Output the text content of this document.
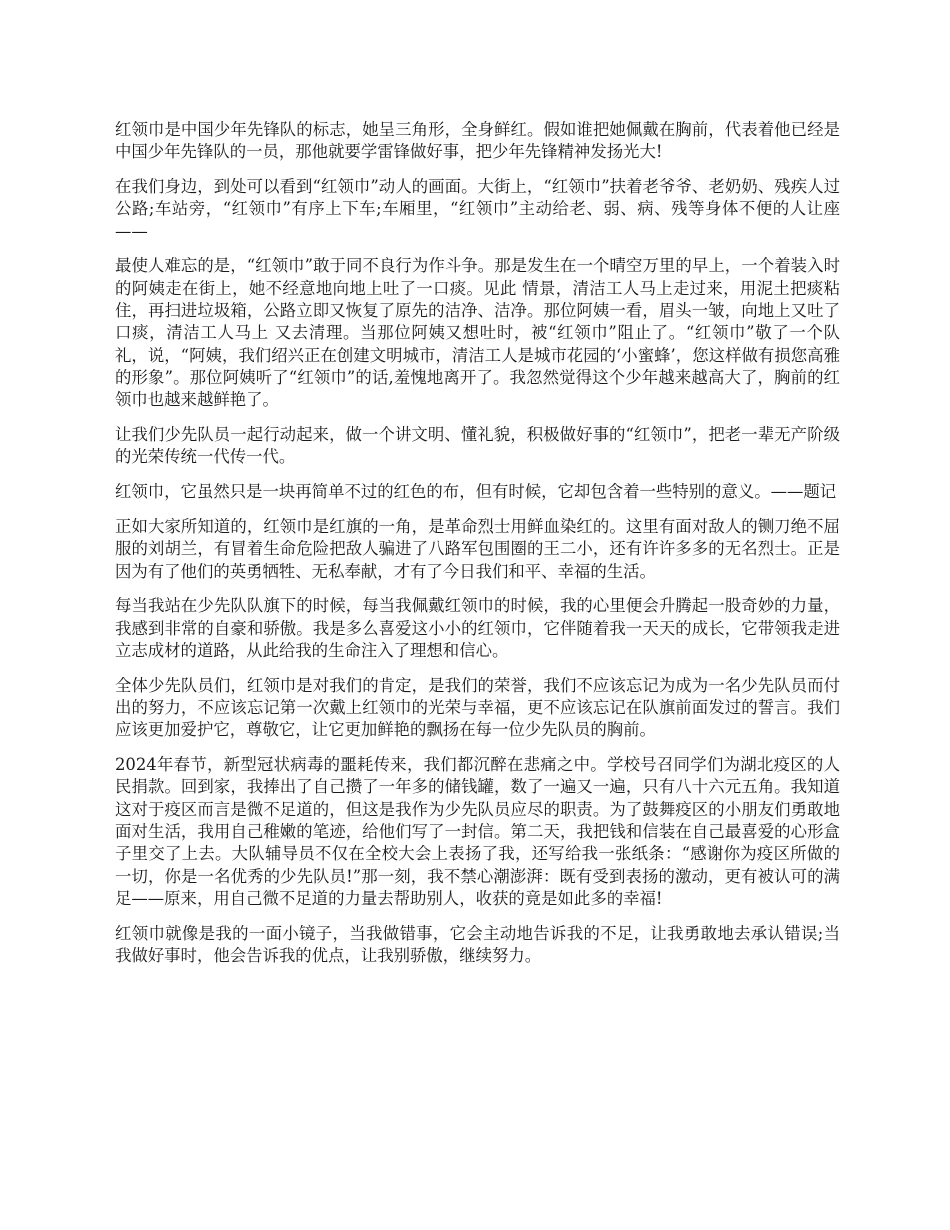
红领巾是中国少年先锋队的标志，她呈三角形，全身鲜红。假如谁把她佩戴在胸前，代表着他已经是中国少年先锋队的一员，那他就要学雷锋做好事，把少年先锋精神发扬光大!

在我们身边，到处可以看到“红领巾”动人的画面。大街上，“红领巾”扶着老爷爷、老奶奶、残疾人过公路;车站旁，“红领巾”有序上下车;车厢里，“红领巾”主动给老、弱、病、残等身体不便的人让座——

最使人难忘的是，“红领巾”敢于同不良行为作斗争。那是发生在一个晴空万里的早上，一个着装入时的阿姨走在街上，她不经意地向地上吐了一口痰。见此 情景，清洁工人马上走过来，用泥土把痰粘住，再扫进垃圾箱，公路立即又恢复了原先的洁净、洁净。那位阿姨一看，眉头一皱，向地上又吐了口痰，清洁工人马上 又去清理。当那位阿姨又想吐时，被“红领巾”阻止了。“红领巾”敬了一个队礼，说，“阿姨，我们绍兴正在创建文明城市，清洁工人是城市花园的‘小蜜蜂’，您这样做有损您高雅的形象”。那位阿姨听了“红领巾”的话,羞愧地离开了。我忽然觉得这个少年越来越高大了，胸前的红领巾也越来越鲜艳了。

让我们少先队员一起行动起来，做一个讲文明、懂礼貌，积极做好事的“红领巾”，把老一辈无产阶级的光荣传统一代传一代。

红领巾，它虽然只是一块再简单不过的红色的布，但有时候，它却包含着一些特别的意义。——题记

正如大家所知道的，红领巾是红旗的一角，是革命烈士用鲜血染红的。这里有面对敌人的铡刀绝不屈服的刘胡兰，有冒着生命危险把敌人骗进了八路军包围圈的王二小，还有许许多多的无名烈士。正是因为有了他们的英勇牺牲、无私奉献，才有了今日我们和平、幸福的生活。

每当我站在少先队队旗下的时候，每当我佩戴红领巾的时候，我的心里便会升腾起一股奇妙的力量，我感到非常的自豪和骄傲。我是多么喜爱这小小的红领巾，它伴随着我一天天的成长，它带领我走进立志成材的道路，从此给我的生命注入了理想和信心。

全体少先队员们，红领巾是对我们的肯定，是我们的荣誉，我们不应该忘记为成为一名少先队员而付出的努力，不应该忘记第一次戴上红领巾的光荣与幸福，更不应该忘记在队旗前面发过的誓言。我们应该更加爱护它，尊敬它，让它更加鲜艳的飘扬在每一位少先队员的胸前。

2024年春节，新型冠状病毒的噩耗传来，我们都沉醉在悲痛之中。学校号召同学们为湖北疫区的人民捐款。回到家，我捧出了自己攒了一年多的储钱罐，数了一遍又一遍，只有八十六元五角。我知道这对于疫区而言是微不足道的，但这是我作为少先队员应尽的职责。为了鼓舞疫区的小朋友们勇敢地面对生活，我用自己稚嫩的笔迹，给他们写了一封信。第二天，我把钱和信装在自己最喜爱的心形盒子里交了上去。大队辅导员不仅在全校大会上表扬了我，还写给我一张纸条：“感谢你为疫区所做的一切，你是一名优秀的少先队员!”那一刻，我不禁心潮澎湃：既有受到表扬的激动，更有被认可的满足——原来，用自己微不足道的力量去帮助别人，收获的竟是如此多的幸福!

红领巾就像是我的一面小镜子，当我做错事，它会主动地告诉我的不足，让我勇敢地去承认错误;当我做好事时，他会告诉我的优点，让我别骄傲，继续努力。
